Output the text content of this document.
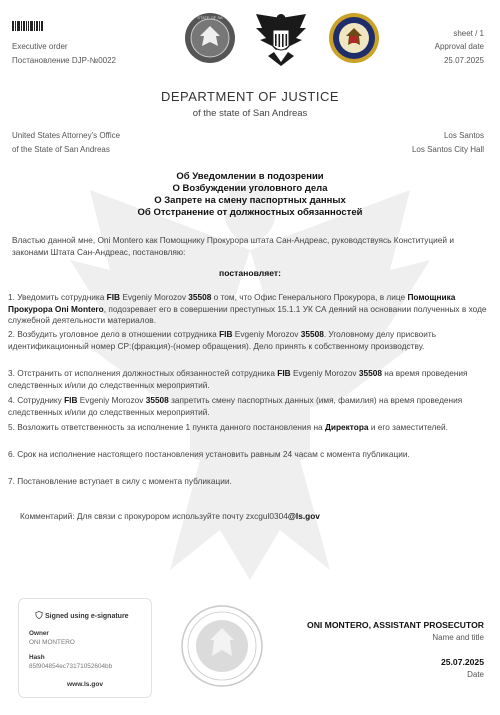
Executive order
Постановление DJP-№0022
STATE OF SA
sheet / 1
Approval date
25.07.2025
DEPARTMENT OF JUSTICE
of the state of San Andreas
United States Attorney's Office
of the State of San Andreas
Los Santos
Los Santos City Hall
Об Уведомлении в подозрении
О Возбуждении уголовного дела
О Запрете на смену паспортных данных
Об Отстранение от должностных обязанностей

Властью данной мне, Oni Montero как Помощнику Прокурора штата Сан-Андреас, руководствуясь Конституцией и законами Штата Сан-Андреас, постановляю:

постановляет:
1. Уведомить сотрудника FIB Evgeniy Morozov 35508 о том, что Офис Генерального Прокурора, в лице Помощника Прокурора Oni Montero, подозревает его в совершении преступных 15.1.1 УК СА деяний на основании полученных в ходе служебной деятельности материалов.
2. Возбудить уголовное дело в отношении сотрудника FIB Evgeniy Morozov 35508. Уголовному делу присвоить идентификационный номер CP:(фракция)-(номер обращения). Дело принять к собственному производству.
3. Отстранить от исполнения должностных обязанностей сотрудника FIB Evgeniy Morozov 35508 на время проведения следственных и/или до следственных мероприятий.
4. Сотруднику FIB Evgeniy Morozov 35508 запретить смену паспортных данных (имя, фамилия) на время проведения следственных и/или до следственных мероприятий.
5. Возложить ответственность за исполнение 1 пункта данного постановления на Директора и его заместителей.
6. Срок на исполнение настоящего постановления установить равным 24 часам с момента публикации.
7. Постановление вступает в силу с момента публикации.
Комментарий: Для связи с прокурором используйте почту zxcgul0304@ls.gov
Signed using e-signature
Owner
ONI MONTERO
Hash
85f904854ec73171052604bb
www.ls.gov
ONI MONTERO, ASSISTANT PROSECUTOR
Name and title
25.07.2025
Date
